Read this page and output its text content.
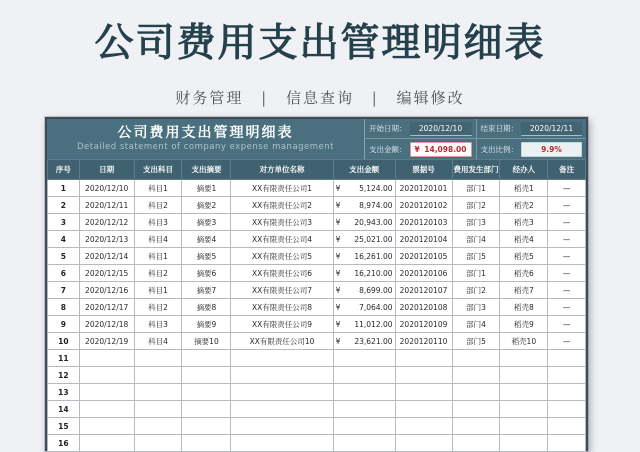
公司费用支出管理明细表
财务管理 | 信息查询 | 编辑修改
公司费用支出管理明细表
Detailed statement of company expense management
开始日期：	2020/12/10	结束日期：	2020/12/11
支出金额： ¥ 14,098.00 支出比例：	9.9%
序号	日期	支出科目	支出摘要	对方单位名称	支出金额	票据号	费用发生部门	经办人	备注
1	2020/12/10	科目1	摘要1	XX有限责任公司1	¥ 5,124.00	2020120101	部门1	稻壳1	—
2	2020/12/11	科目2	摘要2	XX有限责任公司2	¥ 8,974.00	2020120102	部门2	稻壳2	—
3	2020/12/12	科目3	摘要3	XX有限责任公司3	¥ 20,943.00	2020120103	部门3	稻壳3	—
4	2020/12/13	科目4	摘要4	XX有限责任公司4	¥ 25,021.00	2020120104	部门4	稻壳4	—
5	2020/12/14	科目1	摘要5	XX有限责任公司5	¥ 16,261.00	2020120105	部门5	稻壳5	—
6	2020/12/15	科目2	摘要6	XX有限责任公司6	¥ 16,210.00	2020120106	部门1	稻壳6	—
7	2020/12/16	科目1	摘要7	XX有限责任公司7	¥ 8,699.00	2020120107	部门2	稻壳7	—
8	2020/12/17	科目2	摘要8	XX有限责任公司8	¥ 7,064.00	2020120108	部门3	稻壳8	—
9	2020/12/18	科目3	摘要9	XX有限责任公司9	¥ 11,012.00	2020120109	部门4	稻壳9	—
10	2020/12/19	科目4	摘要10	XX有限责任公司10	¥ 23,621.00	2020120110	部门5	稻壳10	—
11					

12					

13					

14					

15					

16					
